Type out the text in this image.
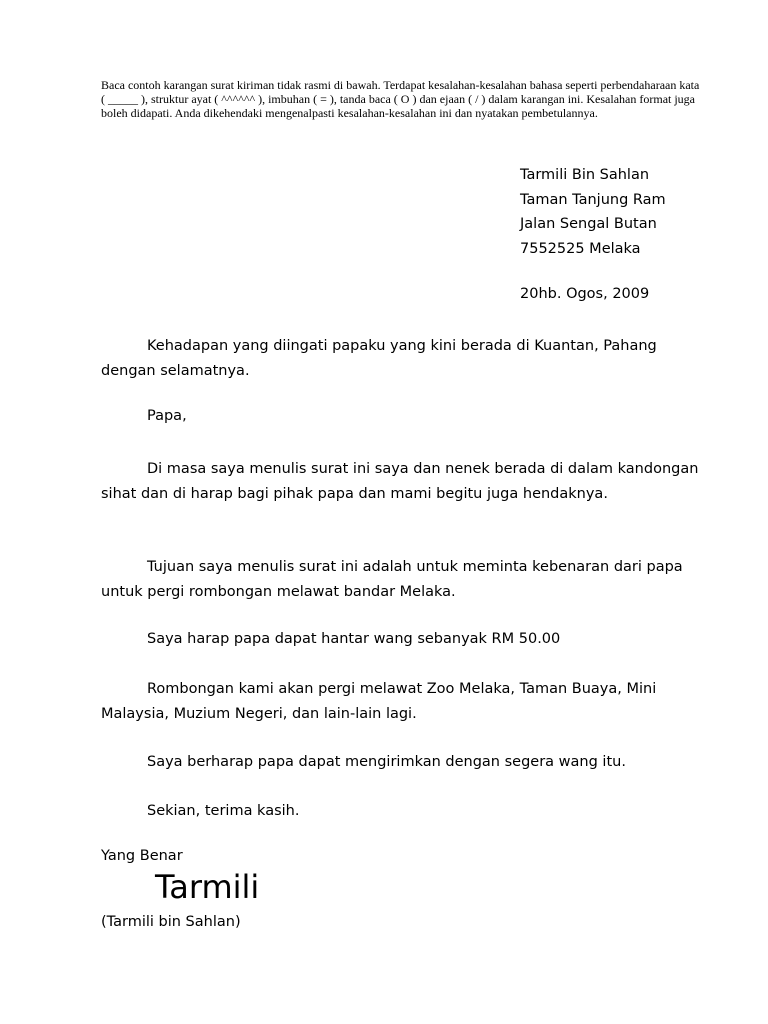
Baca contoh karangan surat kiriman tidak rasmi di bawah. Terdapat kesalahan-kesalahan bahasa seperti perbendaharaan kata ( _____ ), struktur ayat ( ^^^^^^ ), imbuhan ( = ), tanda baca ( O ) dan ejaan ( / ) dalam karangan ini. Kesalahan format juga boleh didapati. Anda dikehendaki mengenalpasti kesalahan-kesalahan ini dan nyatakan pembetulannya.

Tarmili Bin Sahlan
Taman Tanjung Ram
Jalan Sengal Butan
7552525 Melaka
20hb. Ogos, 2009

Kehadapan yang diingati papaku yang kini berada di Kuantan, Pahang dengan selamatnya.

Papa,

Di masa saya menulis surat ini saya dan nenek berada di dalam kandongan sihat dan di harap bagi pihak papa dan mami begitu juga hendaknya.

Tujuan saya menulis surat ini adalah untuk meminta kebenaran dari papa untuk pergi rombongan melawat bandar Melaka.

Saya harap papa dapat hantar wang sebanyak RM 50.00

Rombongan kami akan pergi melawat Zoo Melaka, Taman Buaya, Mini Malaysia, Muzium Negeri, dan lain-lain lagi.

Saya berharap papa dapat mengirimkan dengan segera wang itu.

Sekian, terima kasih.

Yang Benar
Tarmili
(Tarmili bin Sahlan)
